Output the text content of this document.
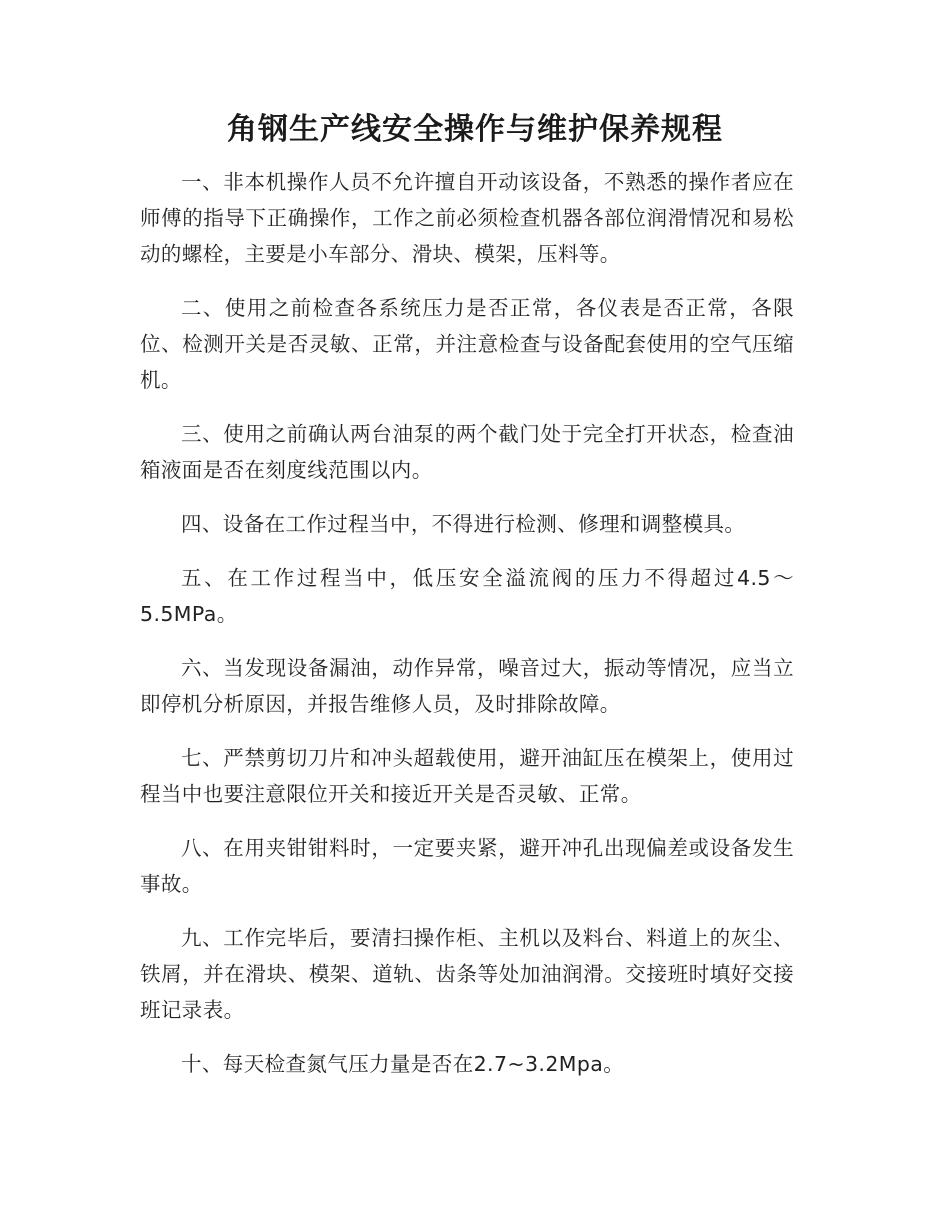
角钢生产线安全操作与维护保养规程

一、非本机操作人员不允许擅自开动该设备，不熟悉的操作者应在师傅的指导下正确操作，工作之前必须检查机器各部位润滑情况和易松动的螺栓，主要是小车部分、滑块、模架，压料等。

二、使用之前检查各系统压力是否正常，各仪表是否正常，各限位、检测开关是否灵敏、正常，并注意检查与设备配套使用的空气压缩机。

三、使用之前确认两台油泵的两个截门处于完全打开状态，检查油箱液面是否在刻度线范围以内。

四、设备在工作过程当中，不得进行检测、修理和调整模具。

五、在工作过程当中，低压安全溢流阀的压力不得超过4.5～5.5MPa。

六、当发现设备漏油，动作异常，噪音过大，振动等情况，应当立即停机分析原因，并报告维修人员，及时排除故障。

七、严禁剪切刀片和冲头超载使用，避开油缸压在模架上，使用过程当中也要注意限位开关和接近开关是否灵敏、正常。

八、在用夹钳钳料时，一定要夹紧，避开冲孔出现偏差或设备发生事故。

九、工作完毕后，要清扫操作柜、主机以及料台、料道上的灰尘、铁屑，并在滑块、模架、道轨、齿条等处加油润滑。交接班时填好交接班记录表。

十、每天检查氮气压力量是否在2.7~3.2Mpa。
